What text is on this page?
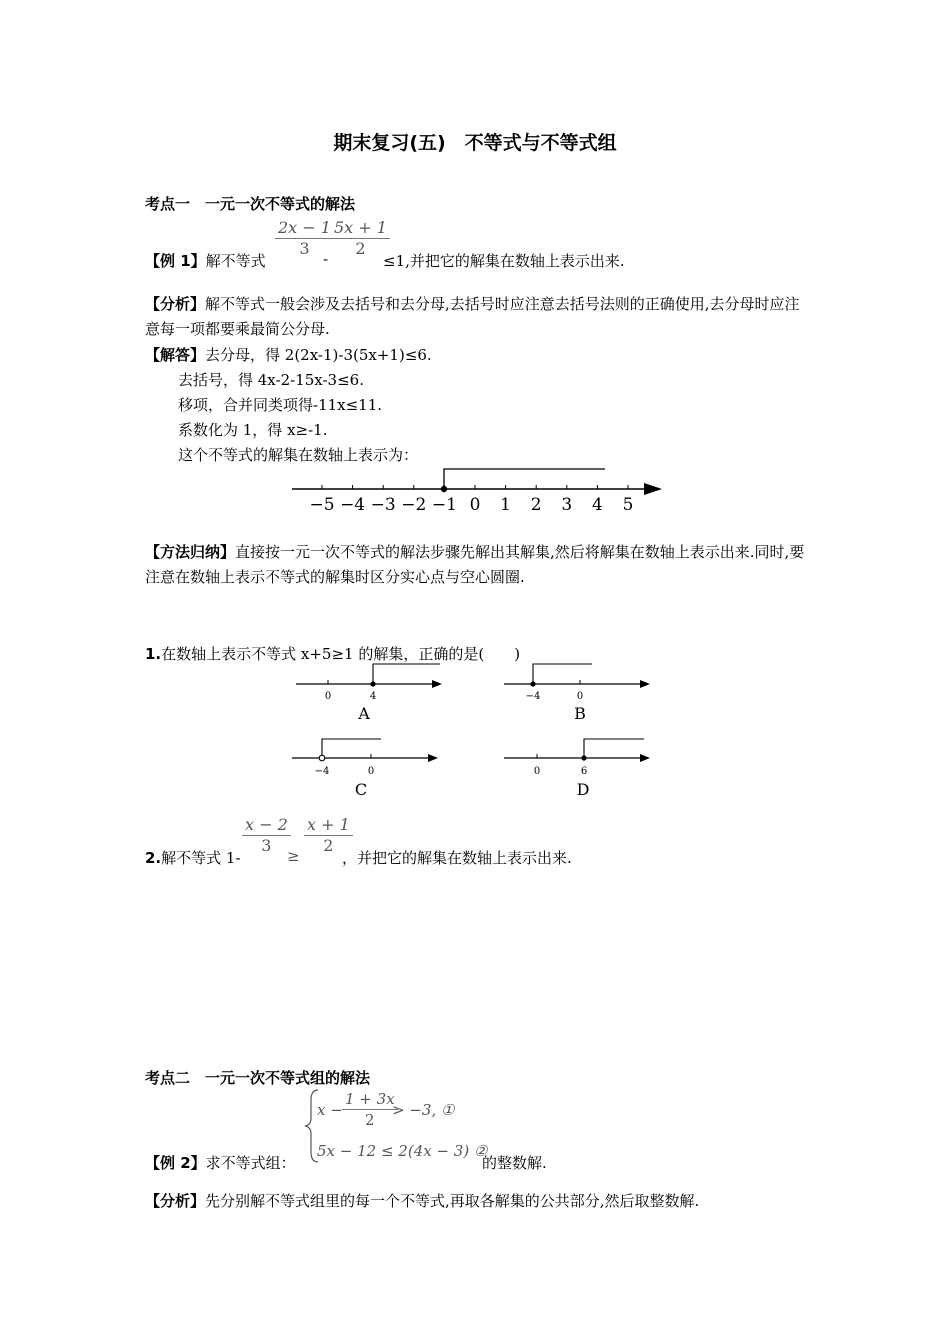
期末复习(五)　不等式与不等式组
考点一　一元一次不等式的解法
【例 1】解不等式
$\frac{2x - 1}{3}$
- $\frac{5x + 1}{2}$
≤1,并把它的解集在数轴上表示出来.
【分析】解不等式一般会涉及去括号和去分母,去括号时应注意去括号法则的正确使用,去分母时应注意每一项都要乘最简公分母.
【解答】去分母，得 2(2x-1)-3(5x+1)≤6.
去括号，得 4x-2-15x-3≤6.
移项，合并同类项得-11x≤11.
系数化为 1，得 x≥-1.
这个不等式的解集在数轴上表示为：
−5 −4 −3 −2 −1 0 1 2 3 4 5
【方法归纳】直接按一元一次不等式的解法步骤先解出其解集,然后将解集在数轴上表示出来.同时,要注意在数轴上表示不等式的解集时区分实心点与空心圆圈.
1.在数轴上表示不等式 x+5≥1 的解集，正确的是(　　)
0	4
A
−4	0
B
−4	0
C
0	6
D
2.解不等式 1-
$\frac{x - 2}{3}$
≥ $\frac{x + 1}{2}$
，并把它的解集在数轴上表示出来.
考点二　一元一次不等式组的解法
【例 2】求不等式组：
$x - \frac{1 + 3x}{2}$
> −3, ①
5x − 12 ≤ 2(4x − 3) ②
的整数解.
【分析】先分别解不等式组里的每一个不等式,再取各解集的公共部分,然后取整数解.
